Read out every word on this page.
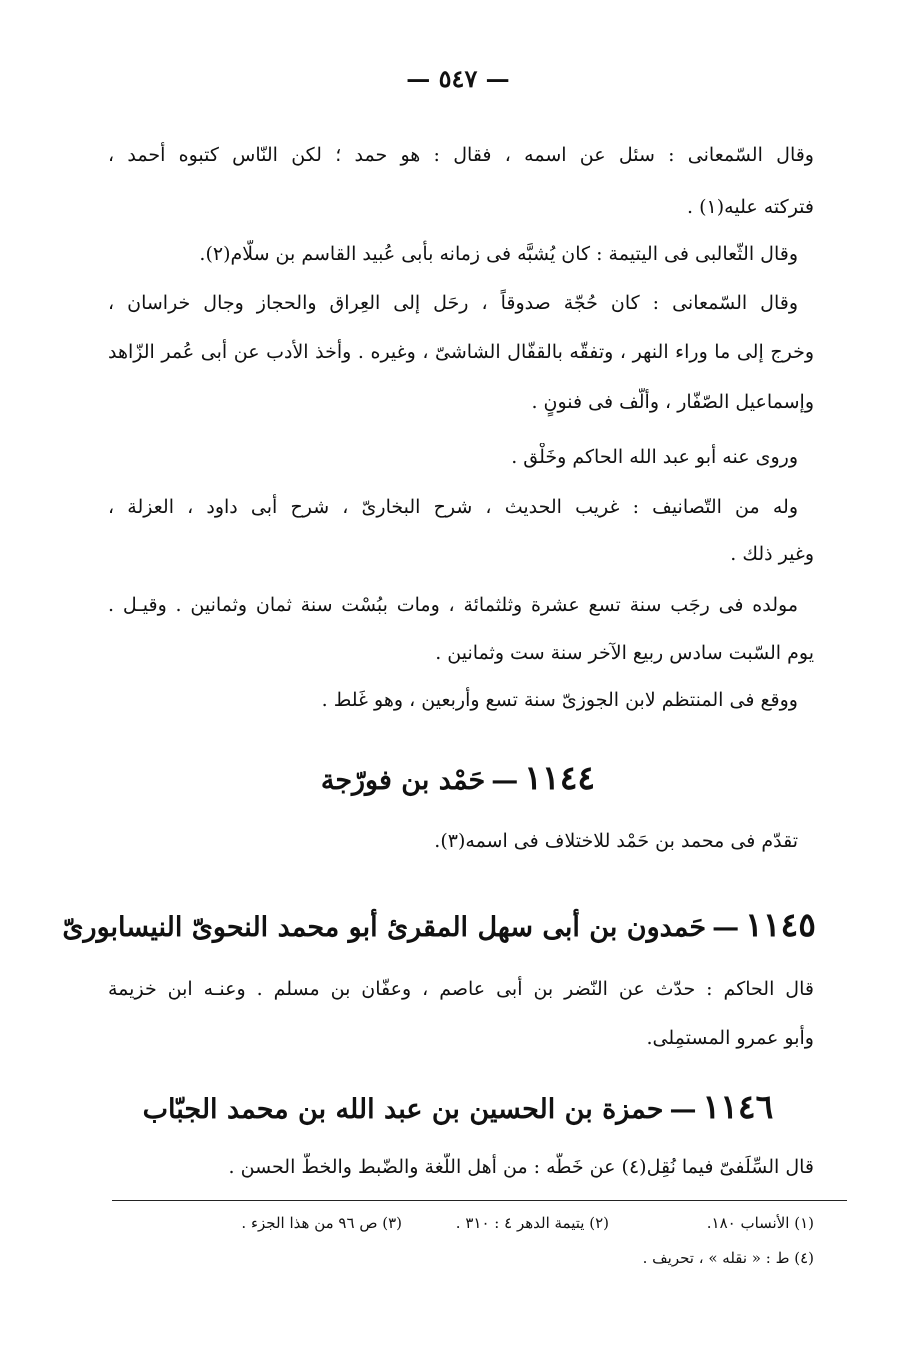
— ٥٤٧ —
وقال السّمعانى : سئل عن اسمه ، فقال : هو حمد ؛ لكن النّاس كتبوه أحمد ،
فتركته عليه(١) .
وقال الثّعالبى فى اليتيمة : كان يُشبَّه فى زمانه بأبى عُبيد القاسم بن سلّام(٢).
وقال السّمعانى : كان حُجّة صدوقاً ، رحَل إلى العِراق والحجاز وجال خراسان ،
وخرج إلى ما وراء النهر ، وتفقّه بالقفّال الشاشىّ ، وغيره . وأخذ الأدب عن أبى عُمر الزّاهد
وإسماعيل الصّفّار ، وألّف فى فنونٍ .
وروى عنه أبو عبد الله الحاكم وخَلْق .
وله من التّصانيف : غريب الحديث ، شرح البخارىّ ، شرح أبى داود ، العزلة ،
وغير ذلك .
مولده فى رجَب سنة تسع عشرة وثلثمائة ، ومات ببُسْت سنة ثمان وثمانين . وقيـل .
يوم السّبت سادس ربيع الآخر سنة ست وثمانين .
ووقع فى المنتظم لابن الجوزىّ سنة تسع وأربعين ، وهو غَلط .
١١٤٤—حَمْد بن فورّجة
تقدّم فى محمد بن حَمْد للاختلاف فى اسمه(٣).
١١٤٥—حَمدون بن أبى سهل المقرئ أبو محمد النحوىّ النيسابورىّ
قال الحاكم : حدّث عن النّضر بن أبى عاصم ، وعفّان بن مسلم . وعنـه ابن خزيمة
وأبو عمرو المستمِلى.
١١٤٦—حمزة بن الحسين بن عبد الله بن محمد الجبّاب
قال السِّلَفىّ فيما نُقِل(٤) عن خَطّه : من أهل اللّغة والضّبط والخطّ الحسن .
(١) الأنساب ١٨٠.
(٢) يتيمة الدهر ٤ : ٣١٠ .
(٣) ص ٩٦ من هذا الجزء .
(٤) ط : « نقله » ، تحريف .
